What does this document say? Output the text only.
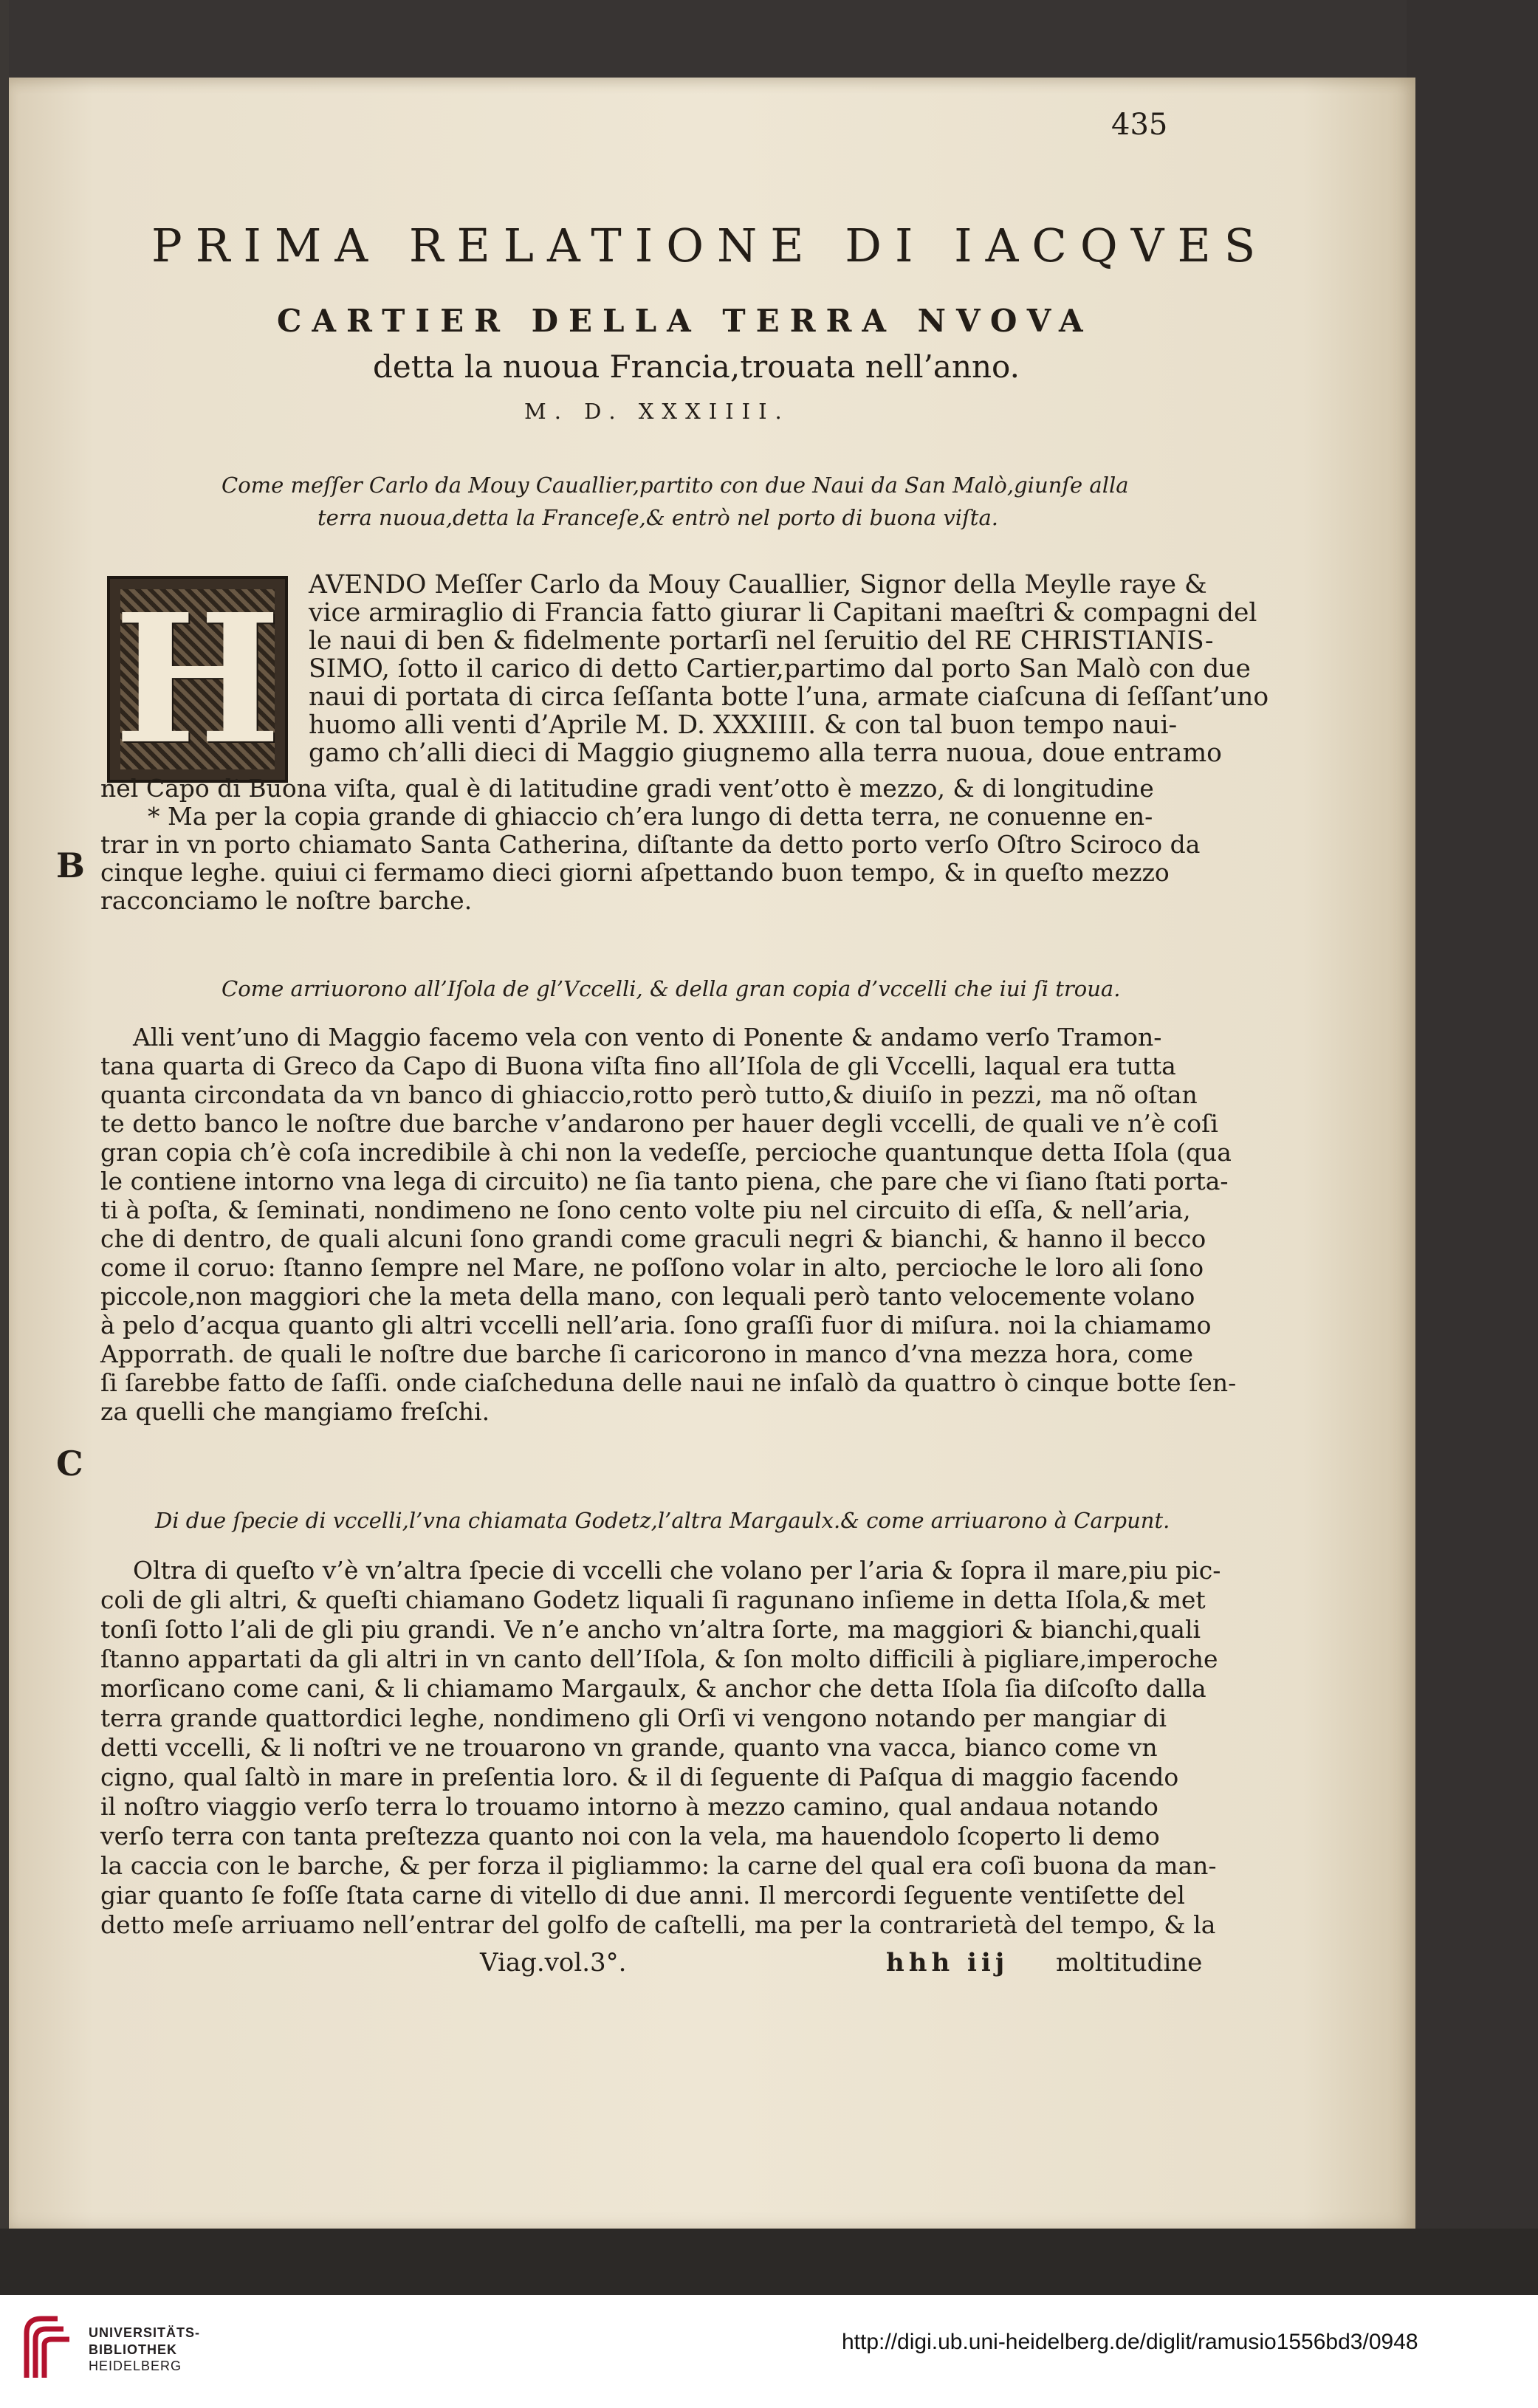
435
PRIMA RELATIONE DI IACQVES
CARTIER DELLA TERRA NVOVA
detta la nuoua Francia,trouata nell’anno.
M. D. XXXIIII.
Come meſſer Carlo da Mouy Cauallier,partito con due Naui da San Malò,giunſe alla
terra nuoua,detta la Franceſe,& entrò nel porto di buona viſta.
H AVENDO Meſſer Carlo da Mouy Cauallier, Signor della Meylle raye &
vice armiraglio di Francia fatto giurar li Capitani maeſtri & compagni del
le naui di ben & fidelmente portarſi nel ſeruitio del RE CHRISTIANIS-
SIMO, ſotto il carico di detto Cartier,partimo dal porto San Malò con due
naui di portata di circa ſeſſanta botte l’una, armate ciaſcuna di ſeſſant’uno
huomo alli venti d’Aprile M. D. XXXIIII. & con tal buon tempo naui-
gamo ch’alli dieci di Maggio giugnemo alla terra nuoua, doue entramo
nel Capo di Buona viſta, qual è di latitudine gradi vent’otto è mezzo, & di longitudine
* Ma per la copia grande di ghiaccio ch’era lungo di detta terra, ne conuenne en-
trar in vn porto chiamato Santa Catherina, diſtante da detto porto verſo Oſtro Sciroco da
cinque leghe. quiui ci fermamo dieci giorni aſpettando buon tempo, & in queſto mezzo
racconciamo le noſtre barche.
B
Come arriuorono all’Iſola de gl’Vccelli, & della gran copia d’vccelli che iui ſi troua.
Alli vent’uno di Maggio facemo vela con vento di Ponente & andamo verſo Tramon-
tana quarta di Greco da Capo di Buona viſta fino all’Iſola de gli Vccelli, laqual era tutta
quanta circondata da vn banco di ghiaccio,rotto però tutto,& diuiſo in pezzi, ma nõ oſtan
te detto banco le noſtre due barche v’andarono per hauer degli vccelli, de quali ve n’è coſi
gran copia ch’è coſa incredibile à chi non la vedeſſe, percioche quantunque detta Iſola (qua
le contiene intorno vna lega di circuito) ne ſia tanto piena, che pare che vi ſiano ſtati porta-
ti à poſta, & ſeminati, nondimeno ne ſono cento volte piu nel circuito di eſſa, & nell’aria,
che di dentro, de quali alcuni ſono grandi come graculi negri & bianchi, & hanno il becco
come il coruo: ſtanno ſempre nel Mare, ne poſſono volar in alto, percioche le loro ali ſono
piccole,non maggiori che la meta della mano, con lequali però tanto velocemente volano
à pelo d’acqua quanto gli altri vccelli nell’aria. ſono graſſi fuor di miſura. noi la chiamamo
Apporrath. de quali le noſtre due barche ſi caricorono in manco d’vna mezza hora, come
ſi ſarebbe fatto de ſaſſi. onde ciaſcheduna delle naui ne inſalò da quattro ò cinque botte ſen-
za quelli che mangiamo freſchi.
C
Di due ſpecie di vccelli,l’vna chiamata Godetz,l’altra Margaulx.& come arriuarono à Carpunt.
Oltra di queſto v’è vn’altra ſpecie di vccelli che volano per l’aria & ſopra il mare,piu pic-
coli de gli altri, & queſti chiamano Godetz liquali ſi ragunano inſieme in detta Iſola,& met
tonſi ſotto l’ali de gli piu grandi. Ve n’e ancho vn’altra ſorte, ma maggiori & bianchi,quali
ſtanno appartati da gli altri in vn canto dell’Iſola, & ſon molto difficili à pigliare,imperoche
morſicano come cani, & li chiamamo Margaulx, & anchor che detta Iſola ſia diſcoſto dalla
terra grande quattordici leghe, nondimeno gli Orſi vi vengono notando per mangiar di
detti vccelli, & li noſtri ve ne trouarono vn grande, quanto vna vacca, bianco come vn
cigno, qual ſaltò in mare in preſentia loro. & il di ſeguente di Paſqua di maggio facendo
il noſtro viaggio verſo terra lo trouamo intorno à mezzo camino, qual andaua notando
verſo terra con tanta preſtezza quanto noi con la vela, ma hauendolo ſcoperto li demo
la caccia con le barche, & per forza il pigliammo: la carne del qual era coſi buona da man-
giar quanto ſe foſſe ſtata carne di vitello di due anni. Il mercordi ſeguente ventiſette del
detto meſe arriuamo nell’entrar del golfo de caſtelli, ma per la contrarietà del tempo, & la
Viag.vol.3°.	hhh iij moltitudine
UNIVERSITÄTS-
BIBLIOTHEK
HEIDELBERG
http://digi.ub.uni-heidelberg.de/diglit/ramusio1556bd3/0948
